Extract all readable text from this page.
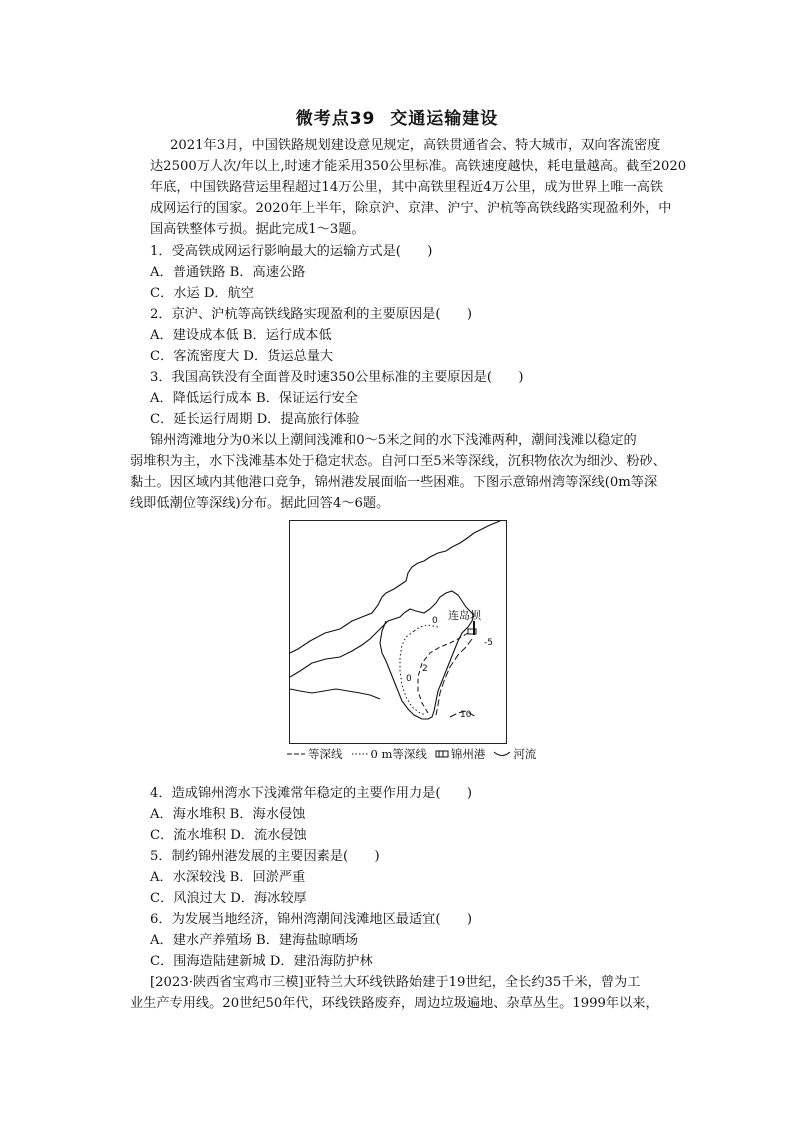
微考点39 交通运输建设
2021年3月，中国铁路规划建设意见规定，高铁贯通省会、特大城市，双向客流密度
达2500万人次/年以上,时速才能采用350公里标准。高铁速度越快，耗电量越高。截至2020
年底，中国铁路营运里程超过14万公里，其中高铁里程近4万公里，成为世界上唯一高铁
成网运行的国家。2020年上半年，除京沪、京津、沪宁、沪杭等高铁线路实现盈利外，中
国高铁整体亏损。据此完成1～3题。
1．受高铁成网运行影响最大的运输方式是(　　)
A．普通铁路 B．高速公路
C．水运 D．航空
2．京沪、沪杭等高铁线路实现盈利的主要原因是(　　)
A．建设成本低 B．运行成本低
C．客流密度大 D．货运总量大
3．我国高铁没有全面普及时速350公里标准的主要原因是(　　)
A．降低运行成本 B．保证运行安全
C．延长运行周期 D．提高旅行体验
锦州湾滩地分为0米以上潮间浅滩和0～5米之间的水下浅滩两种，潮间浅滩以稳定的
弱堆积为主，水下浅滩基本处于稳定状态。自河口至5米等深线，沉积物依次为细沙、粉砂、
黏土。因区域内其他港口竞争，锦州港发展面临一些困难。下图示意锦州湾等深线(0m等深
线即低潮位等深线)分布。据此回答4～6题。
连岛坝
0
0
2
-5
10
等深线 0 m等深线 锦州港 河流
4．造成锦州湾水下浅滩常年稳定的主要作用力是(　　)
A．海水堆积 B．海水侵蚀
C．流水堆积 D．流水侵蚀
5．制约锦州港发展的主要因素是(　　)
A．水深较浅 B．回淤严重
C．风浪过大 D．海冰较厚
6．为发展当地经济，锦州湾潮间浅滩地区最适宜(　　)
A．建水产养殖场 B．建海盐晾晒场
C．围海造陆建新城 D．建沿海防护林
[2023·陕西省宝鸡市三模]亚特兰大环线铁路始建于19世纪，全长约35千米，曾为工
业生产专用线。20世纪50年代，环线铁路废弃，周边垃圾遍地、杂草丛生。1999年以来，
